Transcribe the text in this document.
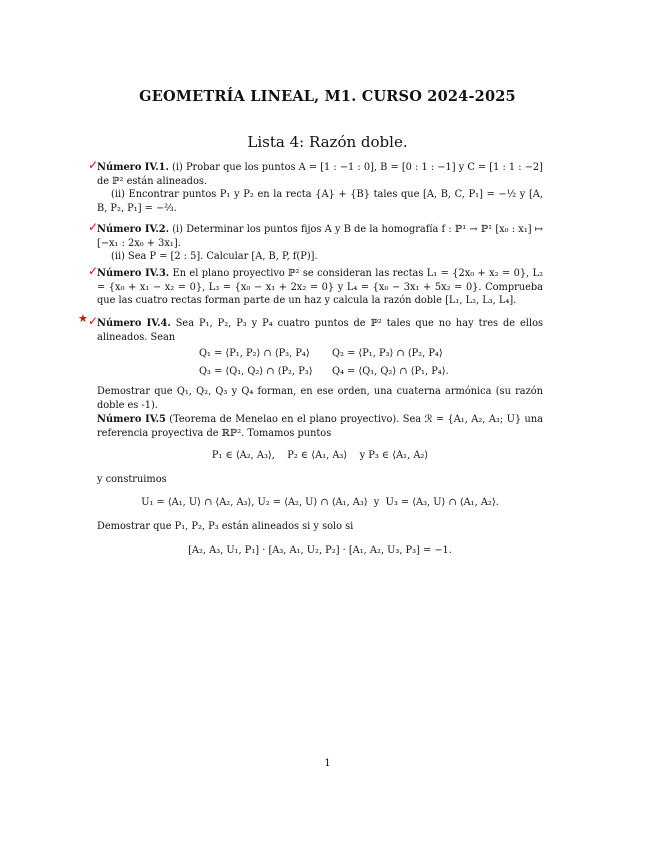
GEOMETRÍA LINEAL, M1. CURSO 2024-2025
Lista 4: Razón doble.
✓

Número IV.1. (i) Probar que los puntos A = [1 : −1 : 0], B = [0 : 1 : −1] y C = [1 : 1 : −2] de ℙ² están alineados.

(ii) Encontrar puntos P₁ y P₂ en la recta {A} + {B} tales que [A, B, C, P₁] = −½ y [A, B, P₂, P₁] = −⅔.

✓

Número IV.2. (i) Determinar los puntos fijos A y B de la homografía f : ℙ¹ → ℙ¹ [x₀ : x₁] ↦ [−x₁ : 2x₀ + 3x₁].

(ii) Sea P = [2 : 5]. Calcular [A, B, P, f(P)].

✓

Número IV.3. En el plano proyectivo ℙ² se consideran las rectas L₁ = {2x₀ + x₂ = 0}, L₂ = {x₀ + x₁ − x₂ = 0}, L₃ = {x₀ − x₁ + 2x₂ = 0} y L₄ = {x₀ − 3x₁ + 5x₂ = 0}. Comprueba que las cuatro rectas forman parte de un haz y calcula la razón doble [L₁, L₂, L₃, L₄].

★ ✓

Número IV.4. Sea P₁, P₂, P₃ y P₄ cuatro puntos de ℙ² tales que no hay tres de ellos alineados. Sean

Q₁ = ⟨P₁, P₂⟩ ∩ ⟨P₃, P₄⟩ Q₂ = ⟨P₁, P₃⟩ ∩ ⟨P₂, P₄⟩
Q₃ = ⟨Q₁, Q₂⟩ ∩ ⟨P₂, P₃⟩ Q₄ = ⟨Q₁, Q₂⟩ ∩ ⟨P₁, P₄⟩.

Demostrar que Q₁, Q₂, Q₃ y Q₄ forman, en ese orden, una cuaterna armónica (su razón doble es -1).

Número IV.5 (Teorema de Menelao en el plano proyectivo). Sea ℛ = {A₁, A₂, A₃; U} una referencia proyectiva de ℝℙ². Tomamos puntos

P₁ ∈ ⟨A₂, A₃⟩,    P₂ ∈ ⟨A₁, A₃⟩    y P₃ ∈ ⟨A₁, A₂⟩

y construimos

U₁ = ⟨A₁, U⟩ ∩ ⟨A₂, A₃⟩, U₂ = ⟨A₂, U⟩ ∩ ⟨A₁, A₃⟩  y  U₃ = ⟨A₃, U⟩ ∩ ⟨A₁, A₂⟩.

Demostrar que P₁, P₂, P₃ están alineados si y solo si

[A₂, A₃, U₁, P₁] · [A₃, A₁, U₂, P₂] · [A₁, A₂, U₃, P₃] = −1.

1
